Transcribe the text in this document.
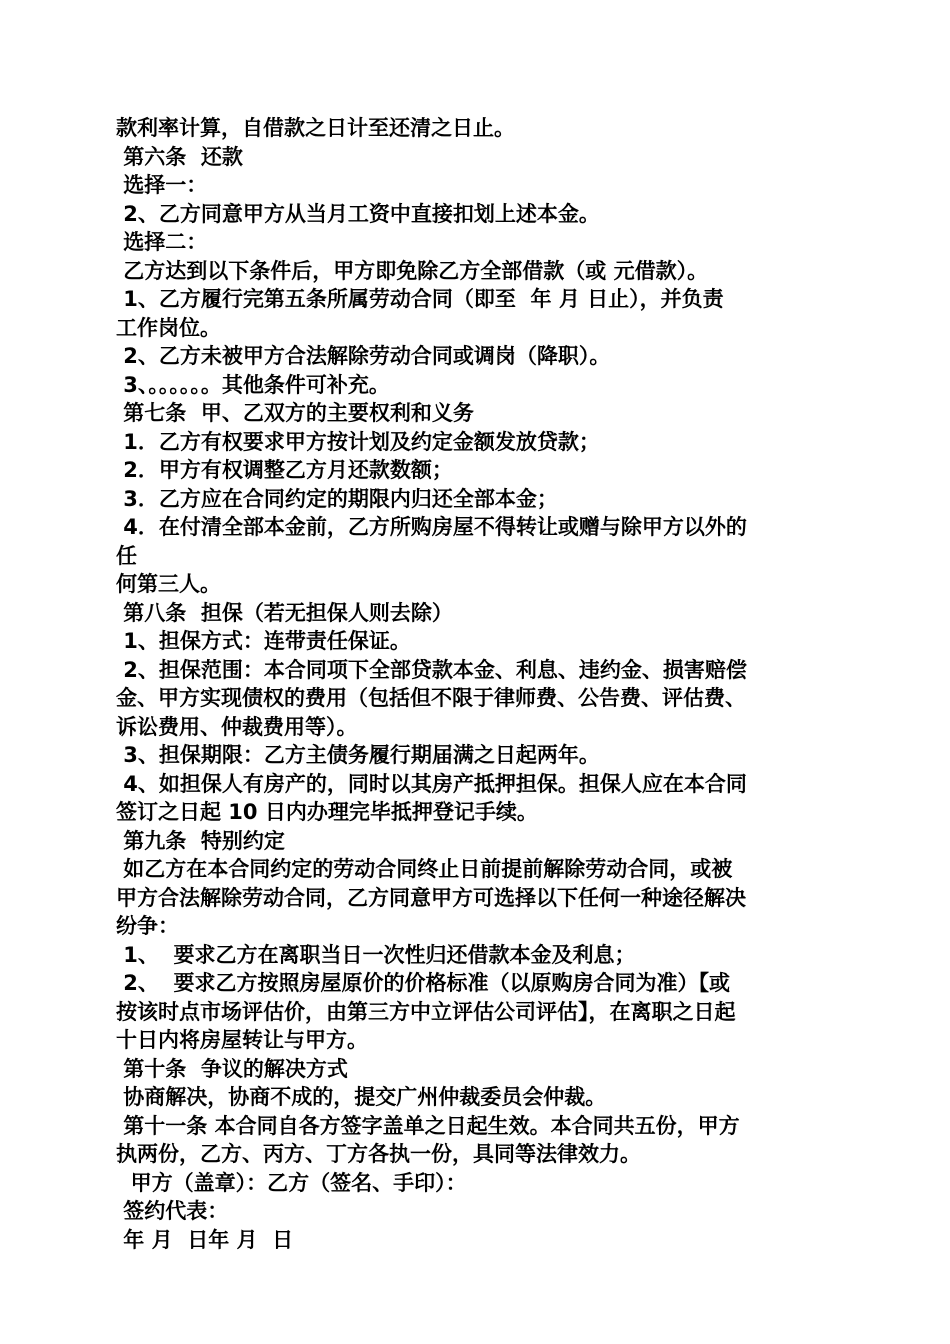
款利率计算，自借款之日计至还清之日止。
第六条  还款
选择一：
2、乙方同意甲方从当月工资中直接扣划上述本金。
选择二：
乙方达到以下条件后，甲方即免除乙方全部借款（或 元借款）。
1、乙方履行完第五条所属劳动合同（即至  年 月 日止），并负责
工作岗位。
2、乙方未被甲方合法解除劳动合同或调岗（降职）。
3、。。。。。。其他条件可补充。
第七条  甲、乙双方的主要权利和义务
1．乙方有权要求甲方按计划及约定金额发放贷款；
2．甲方有权调整乙方月还款数额；
3．乙方应在合同约定的期限内归还全部本金；
4．在付清全部本金前，乙方所购房屋不得转让或赠与除甲方以外的
任
何第三人。
第八条  担保（若无担保人则去除）
1、担保方式：连带责任保证。
2、担保范围：本合同项下全部贷款本金、利息、违约金、损害赔偿
金、甲方实现债权的费用（包括但不限于律师费、公告费、评估费、
诉讼费用、仲裁费用等）。
3、担保期限：乙方主债务履行期届满之日起两年。
4、如担保人有房产的，同时以其房产抵押担保。担保人应在本合同
签订之日起 10 日内办理完毕抵押登记手续。
第九条  特别约定
如乙方在本合同约定的劳动合同终止日前提前解除劳动合同，或被
甲方合法解除劳动合同，乙方同意甲方可选择以下任何一种途径解决
纷争：
1、  要求乙方在离职当日一次性归还借款本金及利息；
2、  要求乙方按照房屋原价的价格标准（以原购房合同为准）【或
按该时点市场评估价，由第三方中立评估公司评估】，在离职之日起
十日内将房屋转让与甲方。
第十条  争议的解决方式
协商解决，协商不成的，提交广州仲裁委员会仲裁。
第十一条 本合同自各方签字盖单之日起生效。本合同共五份，甲方
执两份，乙方、丙方、丁方各执一份，具同等法律效力。
甲方（盖章）：乙方（签名、手印）：
签约代表：
年 月  日年 月  日
